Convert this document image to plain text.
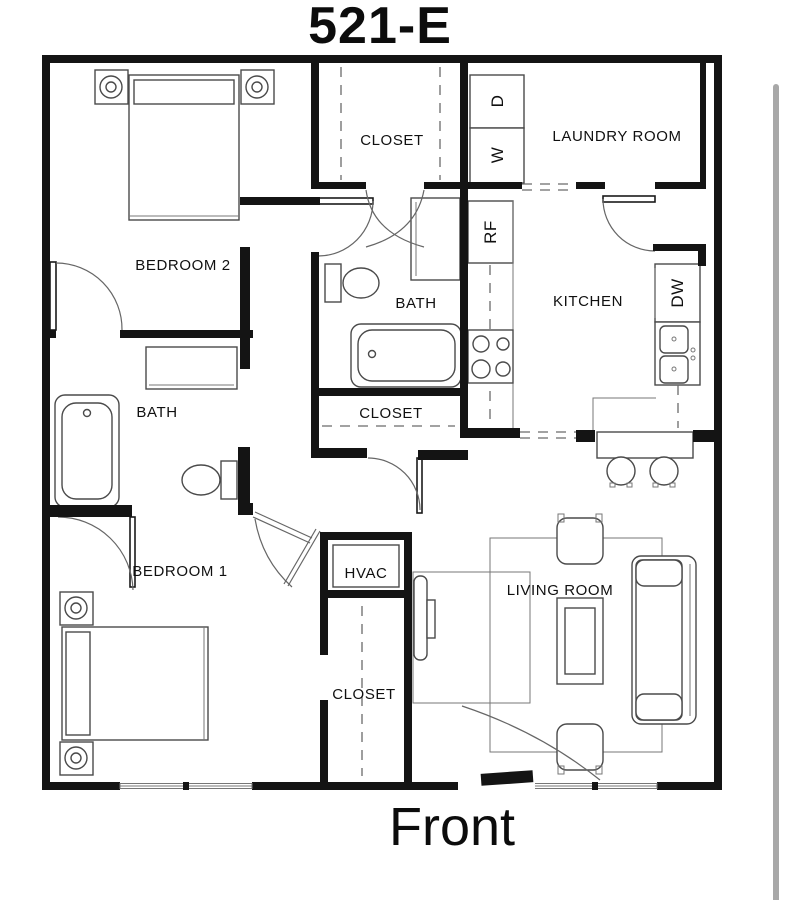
521-E
BEDROOM 2
CLOSET	LAUNDRY ROOM
BATH	KITCHEN
CLOSET
BATH
BEDROOM 1	HVAC
CLOSET
LIVING ROOM
D
W
RF
DW
Front
